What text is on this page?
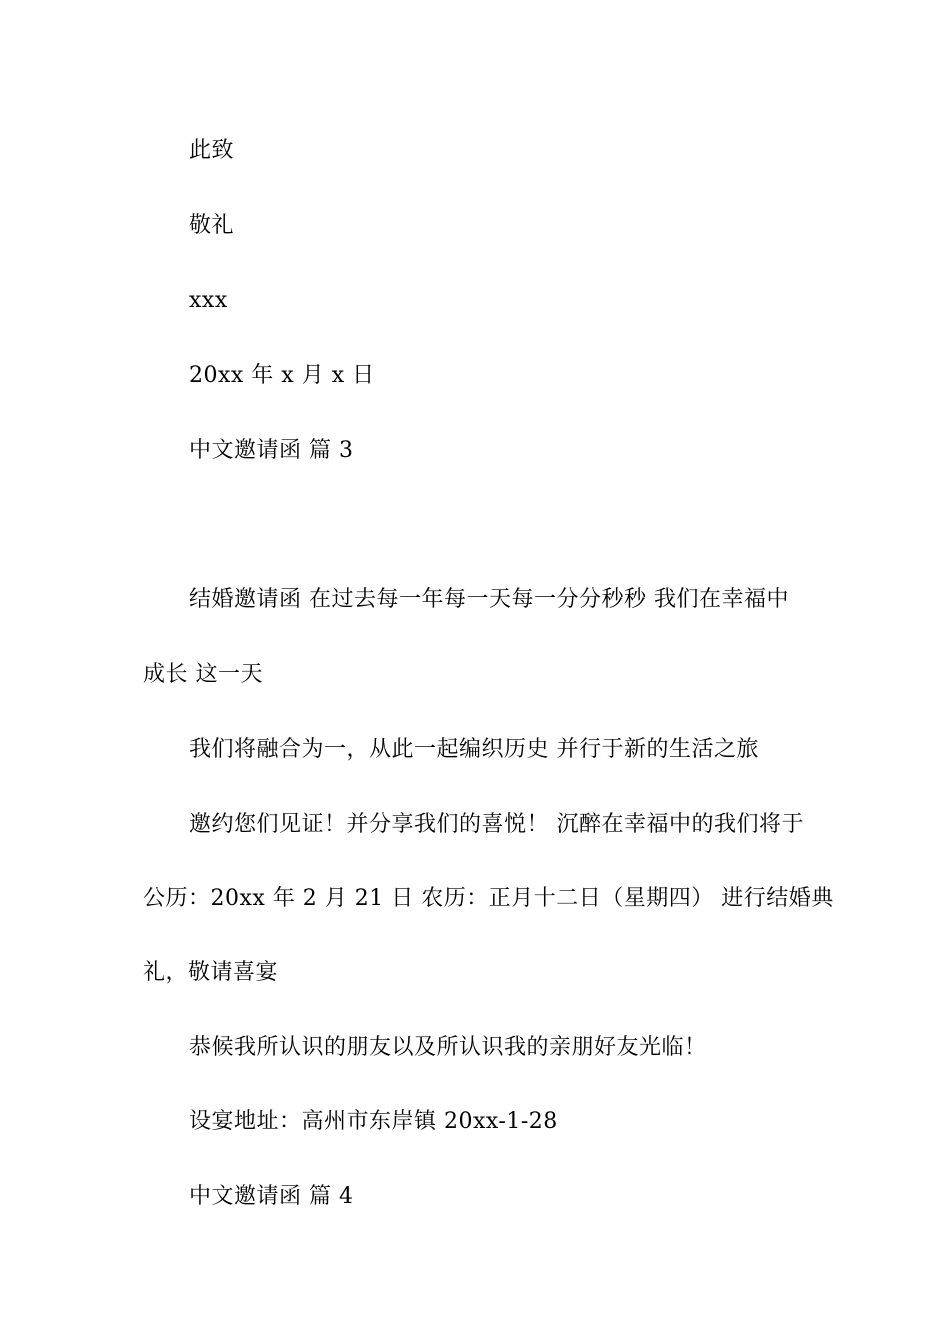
此致
敬礼
xxx
20xx 年 x 月 x 日
中文邀请函 篇 3
结婚邀请函 在过去每一年每一天每一分分秒秒 我们在幸福中
成长 这一天
我们将融合为一，从此一起编织历史 并行于新的生活之旅
邀约您们见证！并分享我们的喜悦！ 沉醉在幸福中的我们将于
公历：20xx 年 2 月 21 日 农历：正月十二日（星期四） 进行结婚典
礼，敬请喜宴
恭候我所认识的朋友以及所认识我的亲朋好友光临！
设宴地址：高州市东岸镇 20xx-1-28
中文邀请函 篇 4
